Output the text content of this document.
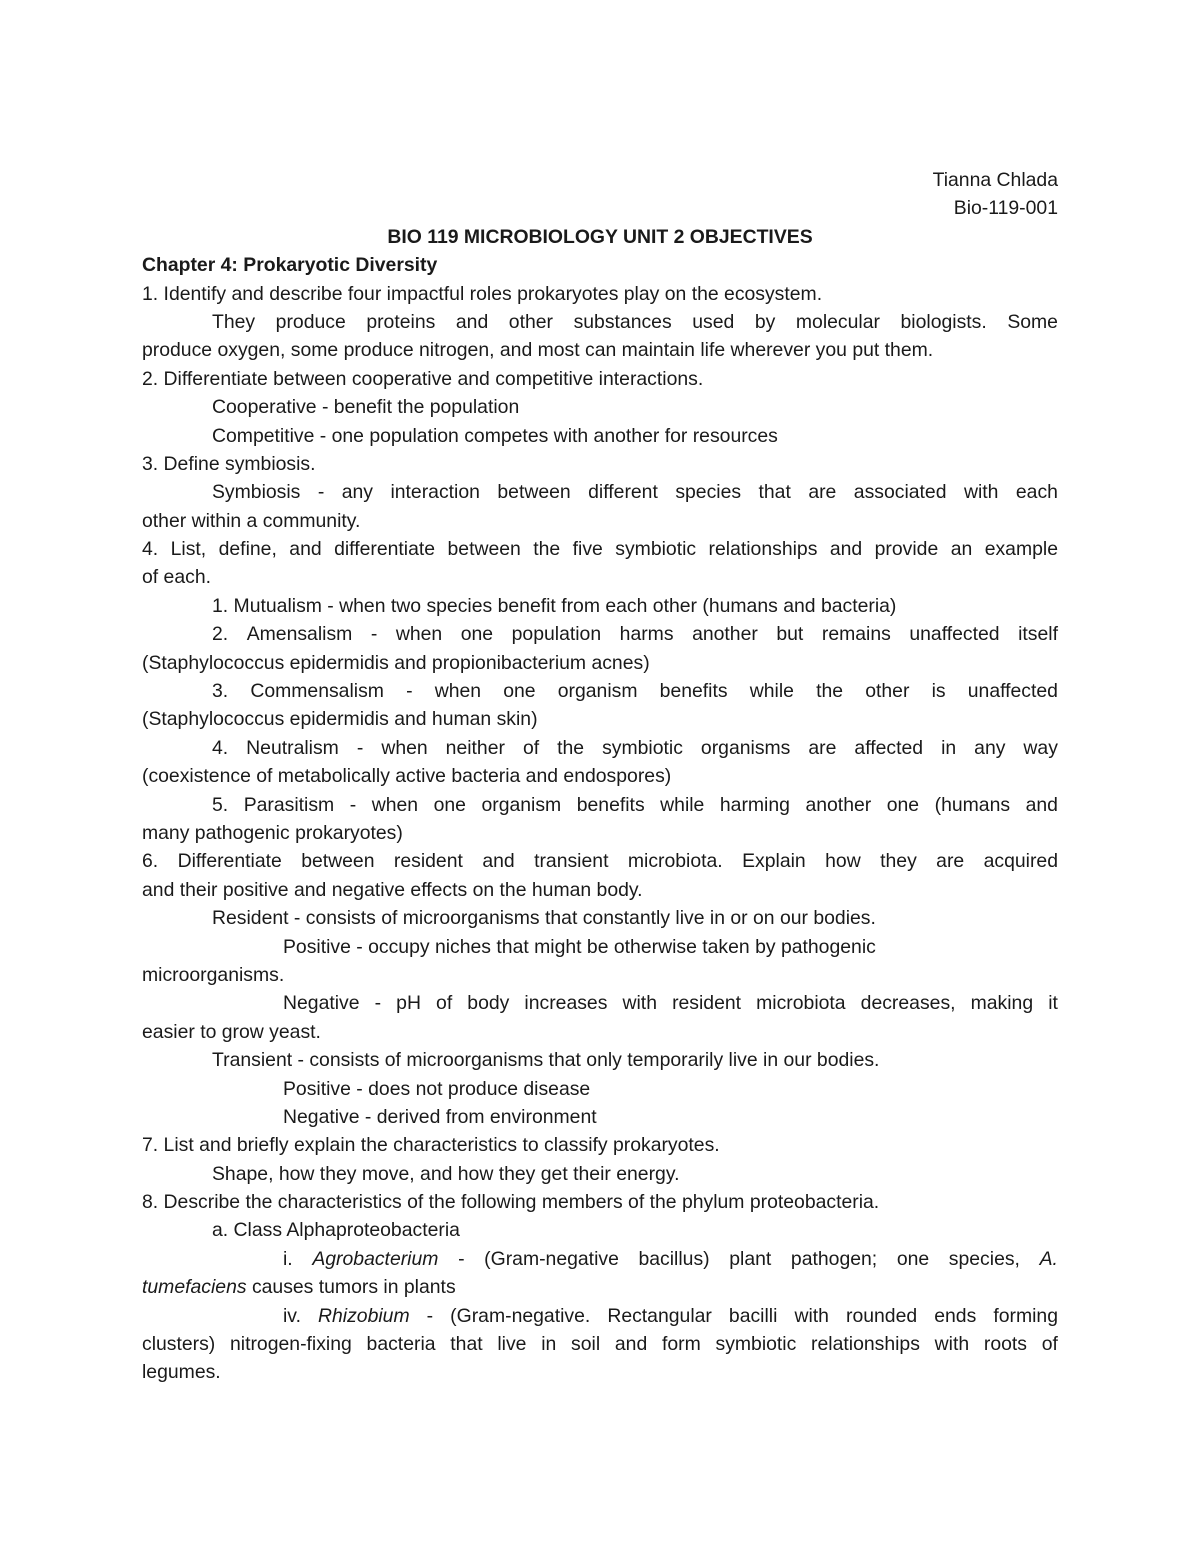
Tianna Chlada
Bio-119-001
BIO 119 MICROBIOLOGY UNIT 2 OBJECTIVES
Chapter 4: Prokaryotic Diversity
1. Identify and describe four impactful roles prokaryotes play on the ecosystem.
They produce proteins and other substances used by molecular biologists. Some
produce oxygen, some produce nitrogen, and most can maintain life wherever you put them.
2. Differentiate between cooperative and competitive interactions.
Cooperative - benefit the population
Competitive - one population competes with another for resources
3. Define symbiosis.
Symbiosis - any interaction between different species that are associated with each
other within a community.
4. List, define, and differentiate between the five symbiotic relationships and provide an example
of each.
1. Mutualism - when two species benefit from each other (humans and bacteria)
2. Amensalism - when one population harms another but remains unaffected itself
(Staphylococcus epidermidis and propionibacterium acnes)
3. Commensalism - when one organism benefits while the other is unaffected
(Staphylococcus epidermidis and human skin)
4. Neutralism - when neither of the symbiotic organisms are affected in any way
(coexistence of metabolically active bacteria and endospores)
5. Parasitism - when one organism benefits while harming another one (humans and
many pathogenic prokaryotes)
6. Differentiate between resident and transient microbiota. Explain how they are acquired
and their positive and negative effects on the human body.
Resident - consists of microorganisms that constantly live in or on our bodies.
Positive - occupy niches that might be otherwise taken by pathogenic
microorganisms.
Negative - pH of body increases with resident microbiota decreases, making it
easier to grow yeast.
Transient - consists of microorganisms that only temporarily live in our bodies.
Positive - does not produce disease
Negative - derived from environment
7. List and briefly explain the characteristics to classify prokaryotes.
Shape, how they move, and how they get their energy.
8. Describe the characteristics of the following members of the phylum proteobacteria.
a. Class Alphaproteobacteria
i. Agrobacterium - (Gram-negative bacillus) plant pathogen; one species, A.
tumefaciens causes tumors in plants
iv. Rhizobium - (Gram-negative. Rectangular bacilli with rounded ends forming
clusters) nitrogen-fixing bacteria that live in soil and form symbiotic relationships with roots of
legumes.
